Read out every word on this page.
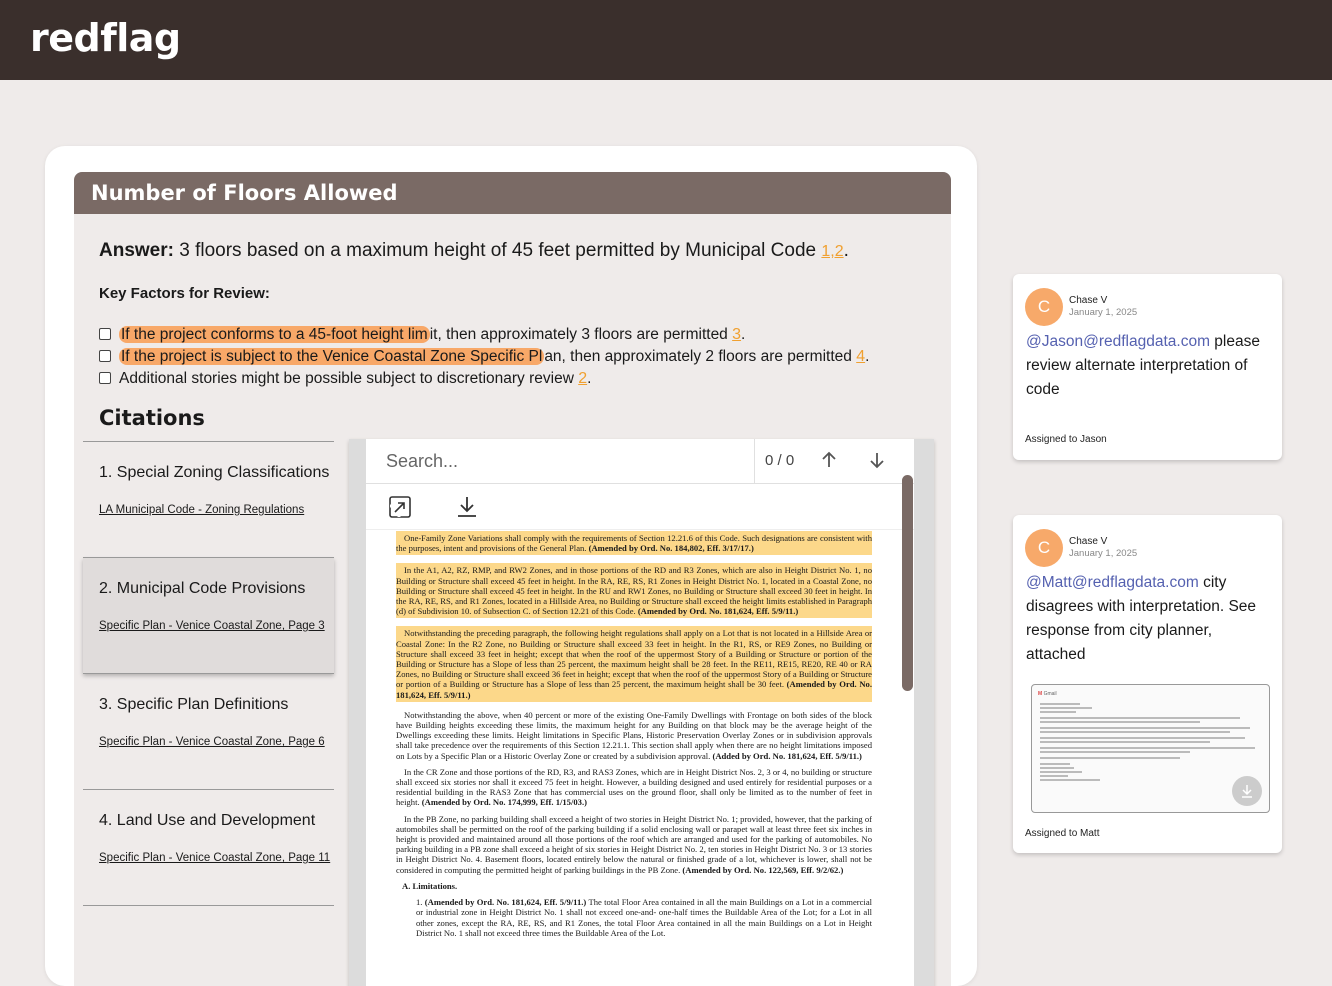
redflag
Number of Floors Allowed
Answer: 3 floors based on a maximum height of 45 feet permitted by Municipal Code 1,2.
Key Factors for Review:
If the project conforms to a 45-foot height lim it, then approximately 3 floors are permitted 3.
If the project is subject to the Venice Coastal Zone Specific Pl an, then approximately 2 floors are permitted 4.
Additional stories might be possible subject to discretionary review 2.
Citations
1. Special Zoning Classifications
LA Municipal Code - Zoning Regulations
2. Municipal Code Provisions
Specific Plan - Venice Coastal Zone, Page 3
3. Specific Plan Definitions
Specific Plan - Venice Coastal Zone, Page 6
4. Land Use and Development
Specific Plan - Venice Coastal Zone, Page 11
Search...
0 / 0

One-Family Zone Variations shall comply with the requirements of Section 12.21.6 of this Code. Such designations are consistent with the purposes, intent and provisions of the General Plan. (Amended by Ord. No. 184,802, Eff. 3/17/17.)

In the A1, A2, RZ, RMP, and RW2 Zones, and in those portions of the RD and R3 Zones, which are also in Height District No. 1, no Building or Structure shall exceed 45 feet in height. In the RA, RE, RS, R1 Zones in Height District No. 1, located in a Coastal Zone, no Building or Structure shall exceed 45 feet in height. In the RU and RW1 Zones, no Building or Structure shall exceed 30 feet in height. In the RA, RE, RS, and R1 Zones, located in a Hillside Area, no Building or Structure shall exceed the height limits established in Paragraph (d) of Subdivision 10. of Subsection C. of Section 12.21 of this Code. (Amended by Ord. No. 181,624, Eff. 5/9/11.)

Notwithstanding the preceding paragraph, the following height regulations shall apply on a Lot that is not located in a Hillside Area or Coastal Zone: In the R2 Zone, no Building or Structure shall exceed 33 feet in height. In the R1, RS, or RE9 Zones, no Building or Structure shall exceed 33 feet in height; except that when the roof of the uppermost Story of a Building or Structure or portion of the Building or Structure has a Slope of less than 25 percent, the maximum height shall be 28 feet. In the RE11, RE15, RE20, RE 40 or RA Zones, no Building or Structure shall exceed 36 feet in height; except that when the roof of the uppermost Story of a Building or Structure or portion of a Building or Structure has a Slope of less than 25 percent, the maximum height shall be 30 feet. (Amended by Ord. No. 181,624, Eff. 5/9/11.)

Notwithstanding the above, when 40 percent or more of the existing One-Family Dwellings with Frontage on both sides of the block have Building heights exceeding these limits, the maximum height for any Building on that block may be the average height of the Dwellings exceeding these limits. Height limitations in Specific Plans, Historic Preservation Overlay Zones or in subdivision approvals shall take precedence over the requirements of this Section 12.21.1. This section shall apply when there are no height limitations imposed on Lots by a Specific Plan or a Historic Overlay Zone or created by a subdivision approval. (Added by Ord. No. 181,624, Eff. 5/9/11.)

In the CR Zone and those portions of the RD, R3, and RAS3 Zones, which are in Height District Nos. 2, 3 or 4, no building or structure shall exceed six stories nor shall it exceed 75 feet in height. However, a building designed and used entirely for residential purposes or a residential building in the RAS3 Zone that has commercial uses on the ground floor, shall only be limited as to the number of feet in height. (Amended by Ord. No. 174,999, Eff. 1/15/03.)

In the PB Zone, no parking building shall exceed a height of two stories in Height District No. 1; provided, however, that the parking of automobiles shall be permitted on the roof of the parking building if a solid enclosing wall or parapet wall at least three feet six inches in height is provided and maintained around all those portions of the roof which are arranged and used for the parking of automobiles. No parking building in a PB zone shall exceed a height of six stories in Height District No. 2, ten stories in Height District No. 3 or 13 stories in Height District No. 4. Basement floors, located entirely below the natural or finished grade of a lot, whichever is lower, shall not be considered in computing the permitted height of parking buildings in the PB Zone. (Amended by Ord. No. 122,569, Eff. 9/2/62.)

A. Limitations.

1. (Amended by Ord. No. 181,624, Eff. 5/9/11.) The total Floor Area contained in all the main Buildings on a Lot in a commercial or industrial zone in Height District No. 1 shall not exceed one-and- one-half times the Buildable Area of the Lot; for a Lot in all other zones, except the RA, RE, RS, and R1 Zones, the total Floor Area contained in all the main Buildings on a Lot in Height District No. 1 shall not exceed three times the Buildable Area of the Lot.

C	Chase V
January 1, 2025
@Jason@redflagdata.com please review alternate interpretation of code
Assigned to Jason
C	Chase V
January 1, 2025
@Matt@redflagdata.com city disagrees with interpretation. See response from city planner, attached
M Gmail
Assigned to Matt
